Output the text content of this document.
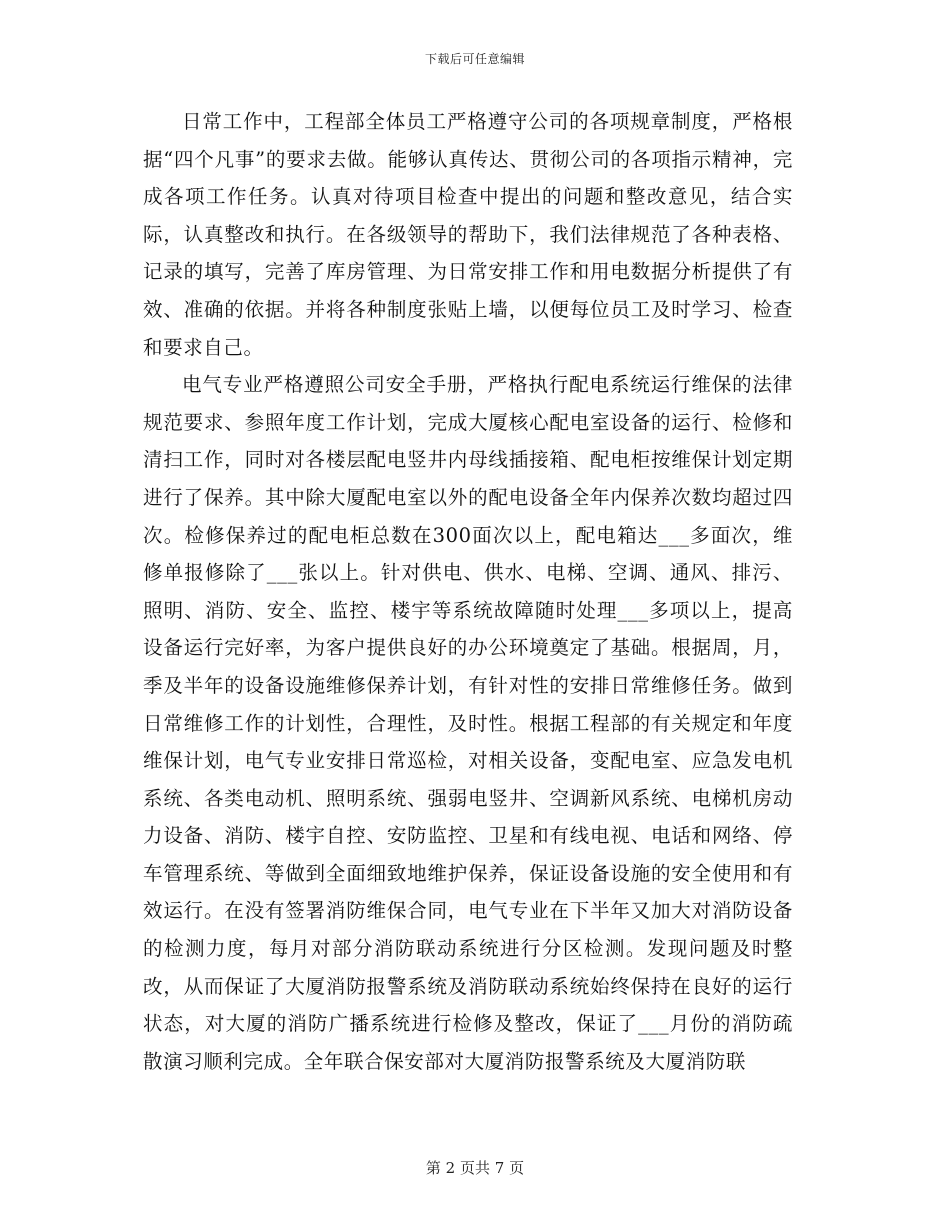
下载后可任意编辑

日常工作中，工程部全体员工严格遵守公司的各项规章制度，严格根据“四个凡事”的要求去做。能够认真传达、贯彻公司的各项指示精神，完成各项工作任务。认真对待项目检查中提出的问题和整改意见，结合实际，认真整改和执行。在各级领导的帮助下，我们法律规范了各种表格、记录的填写，完善了库房管理、为日常安排工作和用电数据分析提供了有效、准确的依据。并将各种制度张贴上墙，以便每位员工及时学习、检查和要求自己。

电气专业严格遵照公司安全手册，严格执行配电系统运行维保的法律规范要求、参照年度工作计划，完成大厦核心配电室设备的运行、检修和清扫工作，同时对各楼层配电竖井内母线插接箱、配电柜按维保计划定期进行了保养。其中除大厦配电室以外的配电设备全年内保养次数均超过四次。检修保养过的配电柜总数在300面次以上，配电箱达___多面次，维修单报修除了___张以上。针对供电、供水、电梯、空调、通风、排污、照明、消防、安全、监控、楼宇等系统故障随时处理___多项以上，提高设备运行完好率，为客户提供良好的办公环境奠定了基础。根据周，月，季及半年的设备设施维修保养计划，有针对性的安排日常维修任务。做到日常维修工作的计划性，合理性，及时性。根据工程部的有关规定和年度维保计划，电气专业安排日常巡检，对相关设备，变配电室、应急发电机系统、各类电动机、照明系统、强弱电竖井、空调新风系统、电梯机房动力设备、消防、楼宇自控、安防监控、卫星和有线电视、电话和网络、停车管理系统、等做到全面细致地维护保养，保证设备设施的安全使用和有效运行。在没有签署消防维保合同，电气专业在下半年又加大对消防设备的检测力度，每月对部分消防联动系统进行分区检测。发现问题及时整改，从而保证了大厦消防报警系统及消防联动系统始终保持在良好的运行状态，对大厦的消防广播系统进行检修及整改，保证了___月份的消防疏散演习顺利完成。全年联合保安部对大厦消防报警系统及大厦消防联

第 2 页共 7 页
